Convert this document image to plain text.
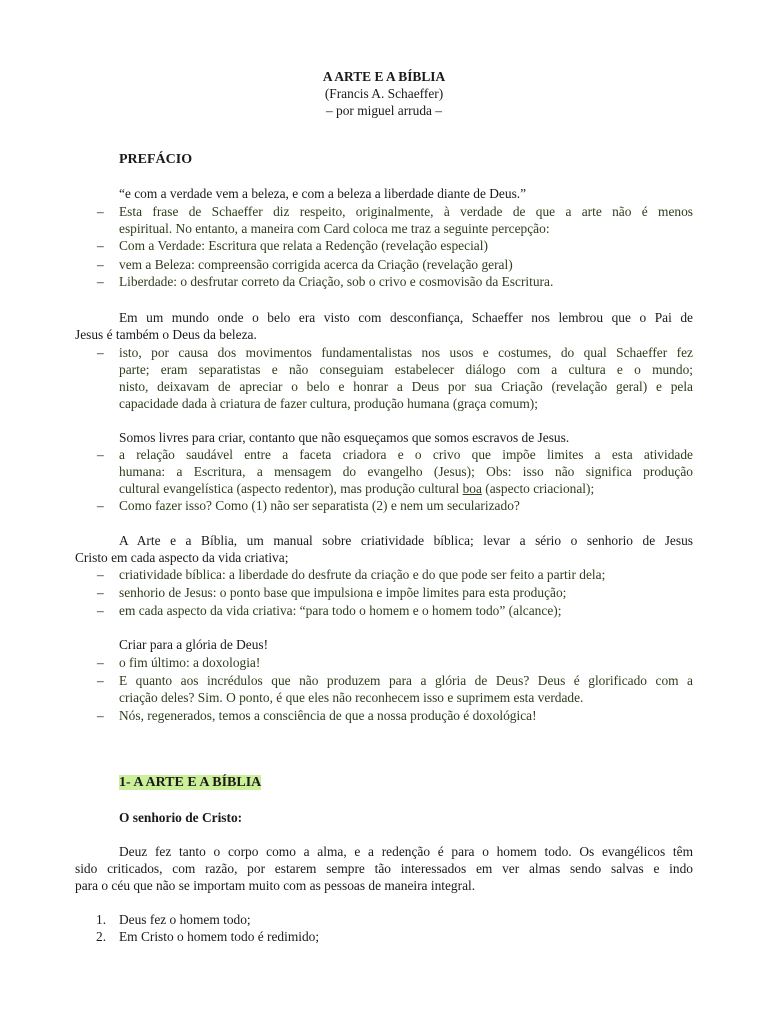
A ARTE E A BÍBLIA
(Francis A. Schaeffer)
– por miguel arruda –
PREFÁCIO
“e com a verdade vem a beleza, e com a beleza a liberdade diante de Deus.”
– Esta frase de Schaeffer diz respeito, originalmente, à verdade de que a arte não é menos
espiritual. No entanto, a maneira com Card coloca me traz a seguinte percepção:
– Com a Verdade: Escritura que relata a Redenção (revelação especial)
– vem a Beleza: compreensão corrigida acerca da Criação (revelação geral)
– Liberdade: o desfrutar correto da Criação, sob o crivo e cosmovisão da Escritura.
Em um mundo onde o belo era visto com desconfiança, Schaeffer nos lembrou que o Pai de
Jesus é também o Deus da beleza.
– isto, por causa dos movimentos fundamentalistas nos usos e costumes, do qual Schaeffer fez
parte; eram separatistas e não conseguiam estabelecer diálogo com a cultura e o mundo;
nisto, deixavam de apreciar o belo e honrar a Deus por sua Criação (revelação geral) e pela
capacidade dada à criatura de fazer cultura, produção humana (graça comum);
Somos livres para criar, contanto que não esqueçamos que somos escravos de Jesus.
– a relação saudável entre a faceta criadora e o crivo que impõe limites a esta atividade
humana: a Escritura, a mensagem do evangelho (Jesus); Obs: isso não significa produção
cultural evangelística (aspecto redentor), mas produção cultural boa (aspecto criacional);
– Como fazer isso? Como (1) não ser separatista (2) e nem um secularizado?
A Arte e a Bíblia, um manual sobre criatividade bíblica; levar a sério o senhorio de Jesus
Cristo em cada aspecto da vida criativa;
– criatividade bíblica: a liberdade do desfrute da criação e do que pode ser feito a partir dela;
– senhorio de Jesus: o ponto base que impulsiona e impõe limites para esta produção;
– em cada aspecto da vida criativa: “para todo o homem e o homem todo” (alcance);
Criar para a glória de Deus!
– o fim último: a doxologia!
– E quanto aos incrédulos que não produzem para a glória de Deus? Deus é glorificado com a
criação deles? Sim. O ponto, é que eles não reconhecem isso e suprimem esta verdade.
– Nós, regenerados, temos a consciência de que a nossa produção é doxológica!
1- A ARTE E A BÍBLIA
O senhorio de Cristo:
Deuz fez tanto o corpo como a alma, e a redenção é para o homem todo. Os evangélicos têm
sido criticados, com razão, por estarem sempre tão interessados em ver almas sendo salvas e indo
para o céu que não se importam muito com as pessoas de maneira integral.
1. Deus fez o homem todo;
2. Em Cristo o homem todo é redimido;
